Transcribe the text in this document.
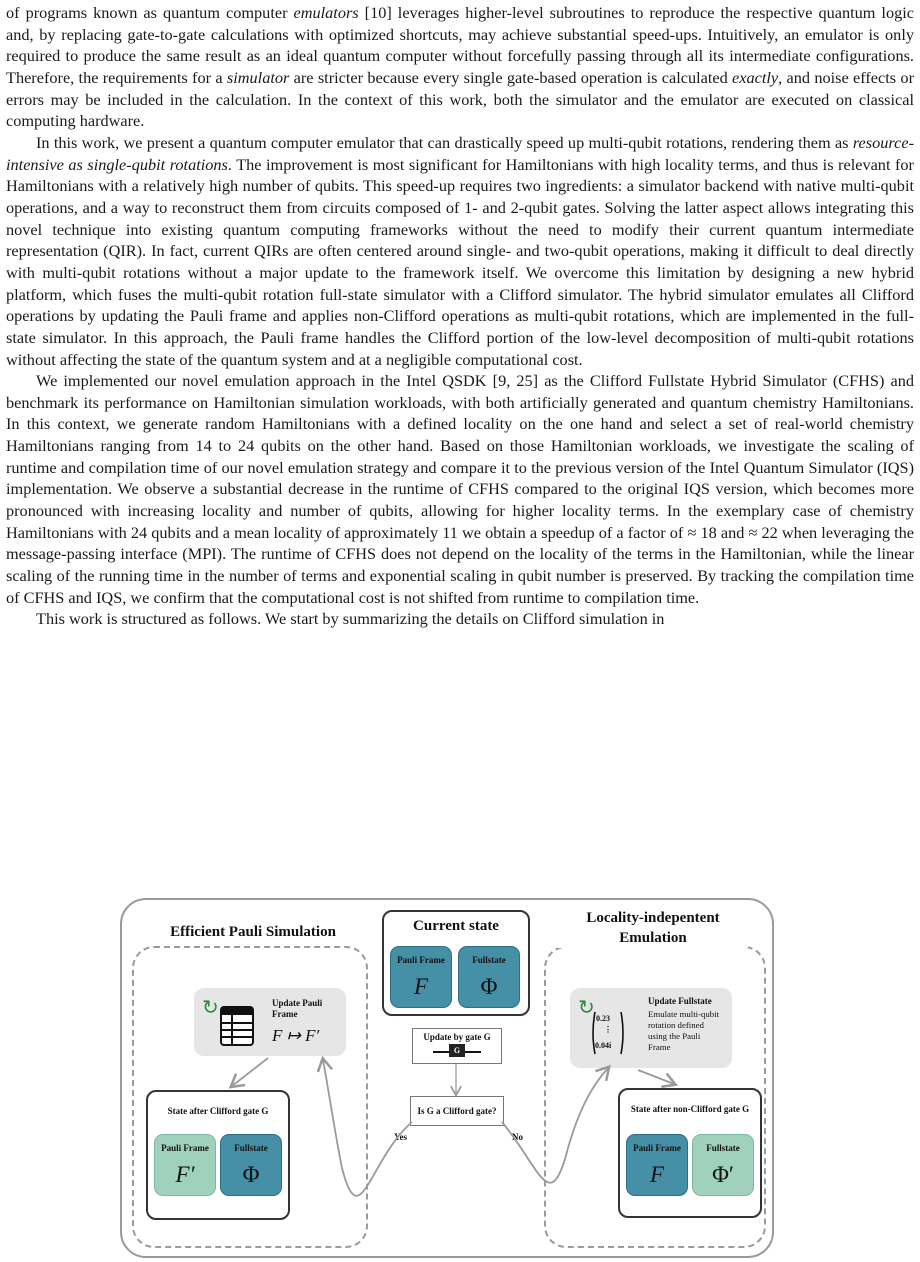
of programs known as quantum computer emulators [10] leverages higher-level subroutines to reproduce the respective quantum logic and, by replacing gate-to-gate calculations with optimized shortcuts, may achieve substantial speed-ups. Intuitively, an emulator is only required to produce the same result as an ideal quantum computer without forcefully passing through all its intermediate configurations. Therefore, the requirements for a simulator are stricter because every single gate-based operation is calculated exactly, and noise effects or errors may be included in the calculation. In the context of this work, both the simulator and the emulator are executed on classical computing hardware.

In this work, we present a quantum computer emulator that can drastically speed up multi-qubit rotations, rendering them as resource-intensive as single-qubit rotations. The improvement is most significant for Hamiltonians with high locality terms, and thus is relevant for Hamiltonians with a relatively high number of qubits. This speed-up requires two ingredients: a simulator backend with native multi-qubit operations, and a way to reconstruct them from circuits composed of 1- and 2-qubit gates. Solving the latter aspect allows integrating this novel technique into existing quantum computing frameworks without the need to modify their current quantum intermediate representation (QIR). In fact, current QIRs are often centered around single- and two-qubit operations, making it difficult to deal directly with multi-qubit rotations without a major update to the framework itself. We overcome this limitation by designing a new hybrid platform, which fuses the multi-qubit rotation full-state simulator with a Clifford simulator. The hybrid simulator emulates all Clifford operations by updating the Pauli frame and applies non-Clifford operations as multi-qubit rotations, which are implemented in the full-state simulator. In this approach, the Pauli frame handles the Clifford portion of the low-level decomposition of multi-qubit rotations without affecting the state of the quantum system and at a negligible computational cost.

We implemented our novel emulation approach in the Intel QSDK [9, 25] as the Clifford Fullstate Hybrid Simulator (CFHS) and benchmark its performance on Hamiltonian simulation workloads, with both artificially generated and quantum chemistry Hamiltonians. In this context, we generate random Hamiltonians with a defined locality on the one hand and select a set of real-world chemistry Hamiltonians ranging from 14 to 24 qubits on the other hand. Based on those Hamiltonian workloads, we investigate the scaling of runtime and compilation time of our novel emulation strategy and compare it to the previous version of the Intel Quantum Simulator (IQS) implementation. We observe a substantial decrease in the runtime of CFHS compared to the original IQS version, which becomes more pronounced with increasing locality and number of qubits, allowing for higher locality terms. In the exemplary case of chemistry Hamiltonians with 24 qubits and a mean locality of approximately 11 we obtain a speedup of a factor of ≈ 18 and ≈ 22 when leveraging the message-passing interface (MPI). The runtime of CFHS does not depend on the locality of the terms in the Hamiltonian, while the linear scaling of the running time in the number of terms and exponential scaling in qubit number is preserved. By tracking the compilation time of CFHS and IQS, we confirm that the computational cost is not shifted from runtime to compilation time.

This work is structured as follows. We start by summarizing the details on Clifford simulation in

Efficient Pauli Simulation
Locality-indepentent Emulation
Current state
Pauli Frame
F
Fullstate
Φ
↻	Update Pauli Frame
F ↦ F′
↻ 0.23
⋮
0.04i
Update Fullstate
Emulate multi-qubit rotation defined using the Pauli Frame
Update by gate G
G
Is G a Clifford gate?
Yes	No
State after Clifford gate G
Pauli Frame
F′
Fullstate
Φ
State after non-Clifford gate G
Pauli Frame
F
Fullstate
Φ′
